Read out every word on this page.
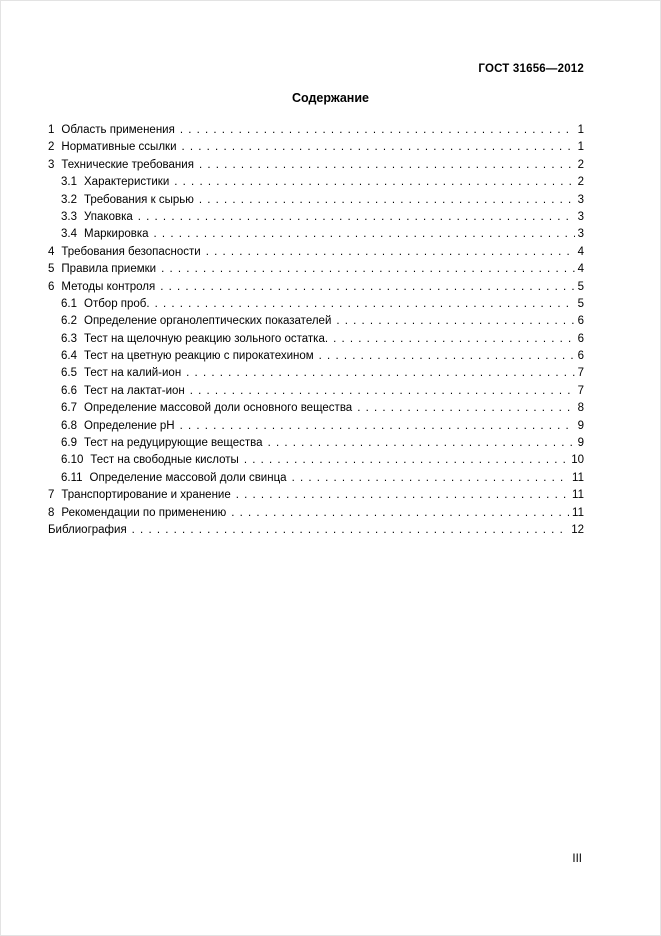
ГОСТ 31656—2012
Содержание
1 Область применения . . .	1
2 Нормативные ссылки . . .	1
3 Технические требования . . .	2
3.1 Характеристики . . .	2
3.2 Требования к сырью . . .	3
3.3 Упаковка . . .	3
3.4 Маркировка . . .	3
4 Требования безопасности . . .	4
5 Правила приемки . . .	4
6 Методы контроля . . .	5
6.1 Отбор проб. . . .	5
6.2 Определение органолептических показателей . . .	6
6.3 Тест на щелочную реакцию зольного остатка. . . .	6
6.4 Тест на цветную реакцию с пирокатехином . . .	6
6.5 Тест на калий-ион . . .	7
6.6 Тест на лактат-ион . . .	7
6.7 Определение массовой доли основного вещества . . .	8
6.8 Определение рН . . .	9
6.9 Тест на редуцирующие вещества . . .	9
6.10 Тест на свободные кислоты . . .	10
6.11 Определение массовой доли свинца . . .	11
7 Транспортирование и хранение . . .	11
8 Рекомендации по применению . . .	11
Библиография . . .	12
III
